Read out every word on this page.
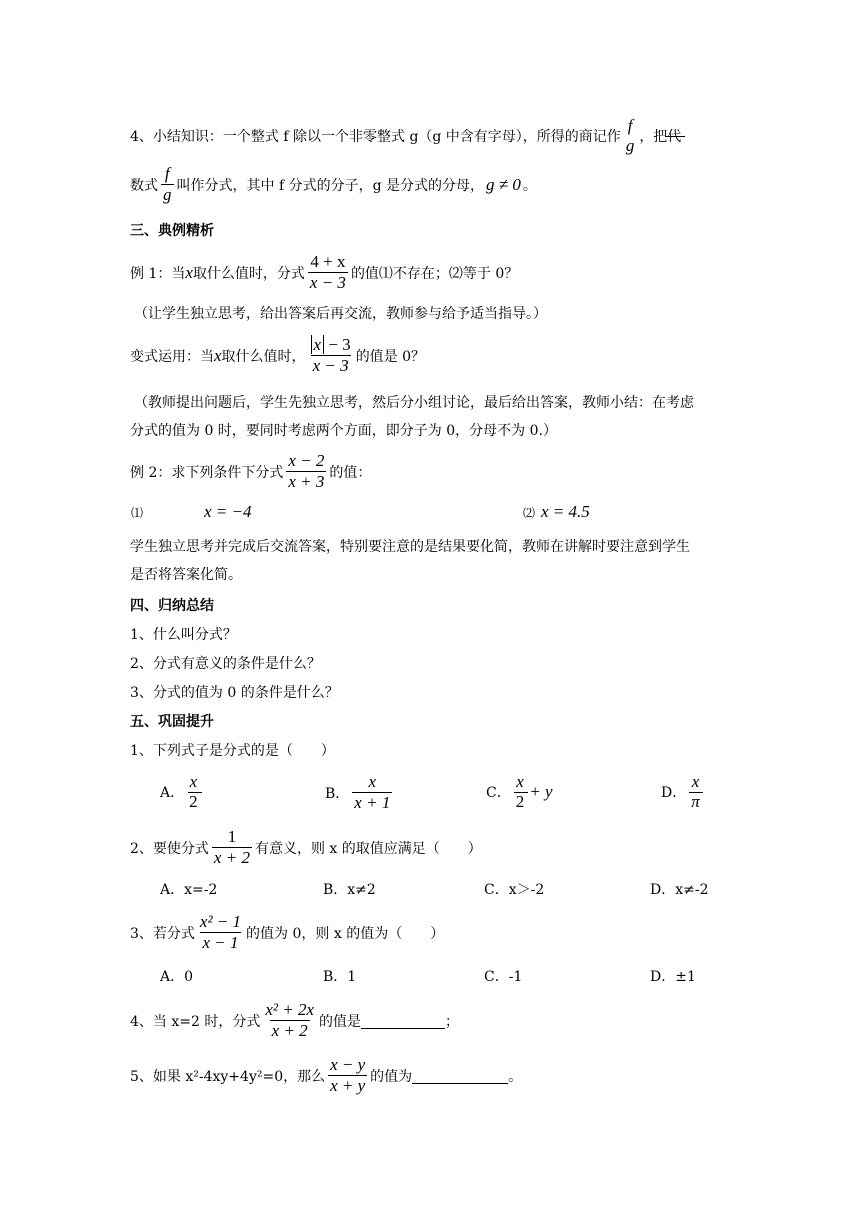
4、小结知识：一个整式 f 除以一个非零整式 g（g 中含有字母），所得的商记作
f
g ，把代
数式 $\frac{f}{g}$ 叫作分式，其中 f 分式的分子，g 是分式的分母， g ≠ 0 。
三、典例精析
例 1：当 x 取什么值时，分式 $\frac{4 + x}{x - 3}$ 的值⑴不存在；⑵等于 0？
（让学生独立思考，给出答案后再交流，教师参与给予适当指导。）
变式运用：当 x 取什么值时， $\frac{x - 3}{x - 3}$ 的值是 0？
（教师提出问题后，学生先独立思考，然后分小组讨论，最后给出答案，教师小结：在考虑
分式的值为 0 时，要同时考虑两个方面，即分子为 0，分母不为 0.）
例 2：求下列条件下分式 $\frac{x - 2}{x + 3}$ 的值：
⑴	x = −4	⑵ x = 4.5
学生独立思考并完成后交流答案，特别要注意的是结果要化简，教师在讲解时要注意到学生
是否将答案化简。
四、归纳总结
1、什么叫分式？
2、分式有意义的条件是什么？
3、分式的值为 0 的条件是什么？
五、巩固提升
1、下列式子是分式的是（　　）
A．
x
2	B． $\frac{x}{x + 1}$	C．
x
2
+ y	D．
x
π
2、要使分式 $\frac{1}{x + 2}$ 有意义，则 x 的取值应满足（　　）
A．x=-2	B．x≠2	C．x＞-2	D．x≠-2
3、若分式 $\frac{\text{x² − 1}}{x - 1}$ 的值为 0，则 x 的值为（　　）
A．0	B．1	C．-1	D．±1
4、当 x=2 时，分式 $\frac{\text{x² + 2x}}{x + 2}$ 的值是	；
5、如果 x²-4xy+4y²=0，那么 $\frac{x - y}{x + y}$ 的值为	。
